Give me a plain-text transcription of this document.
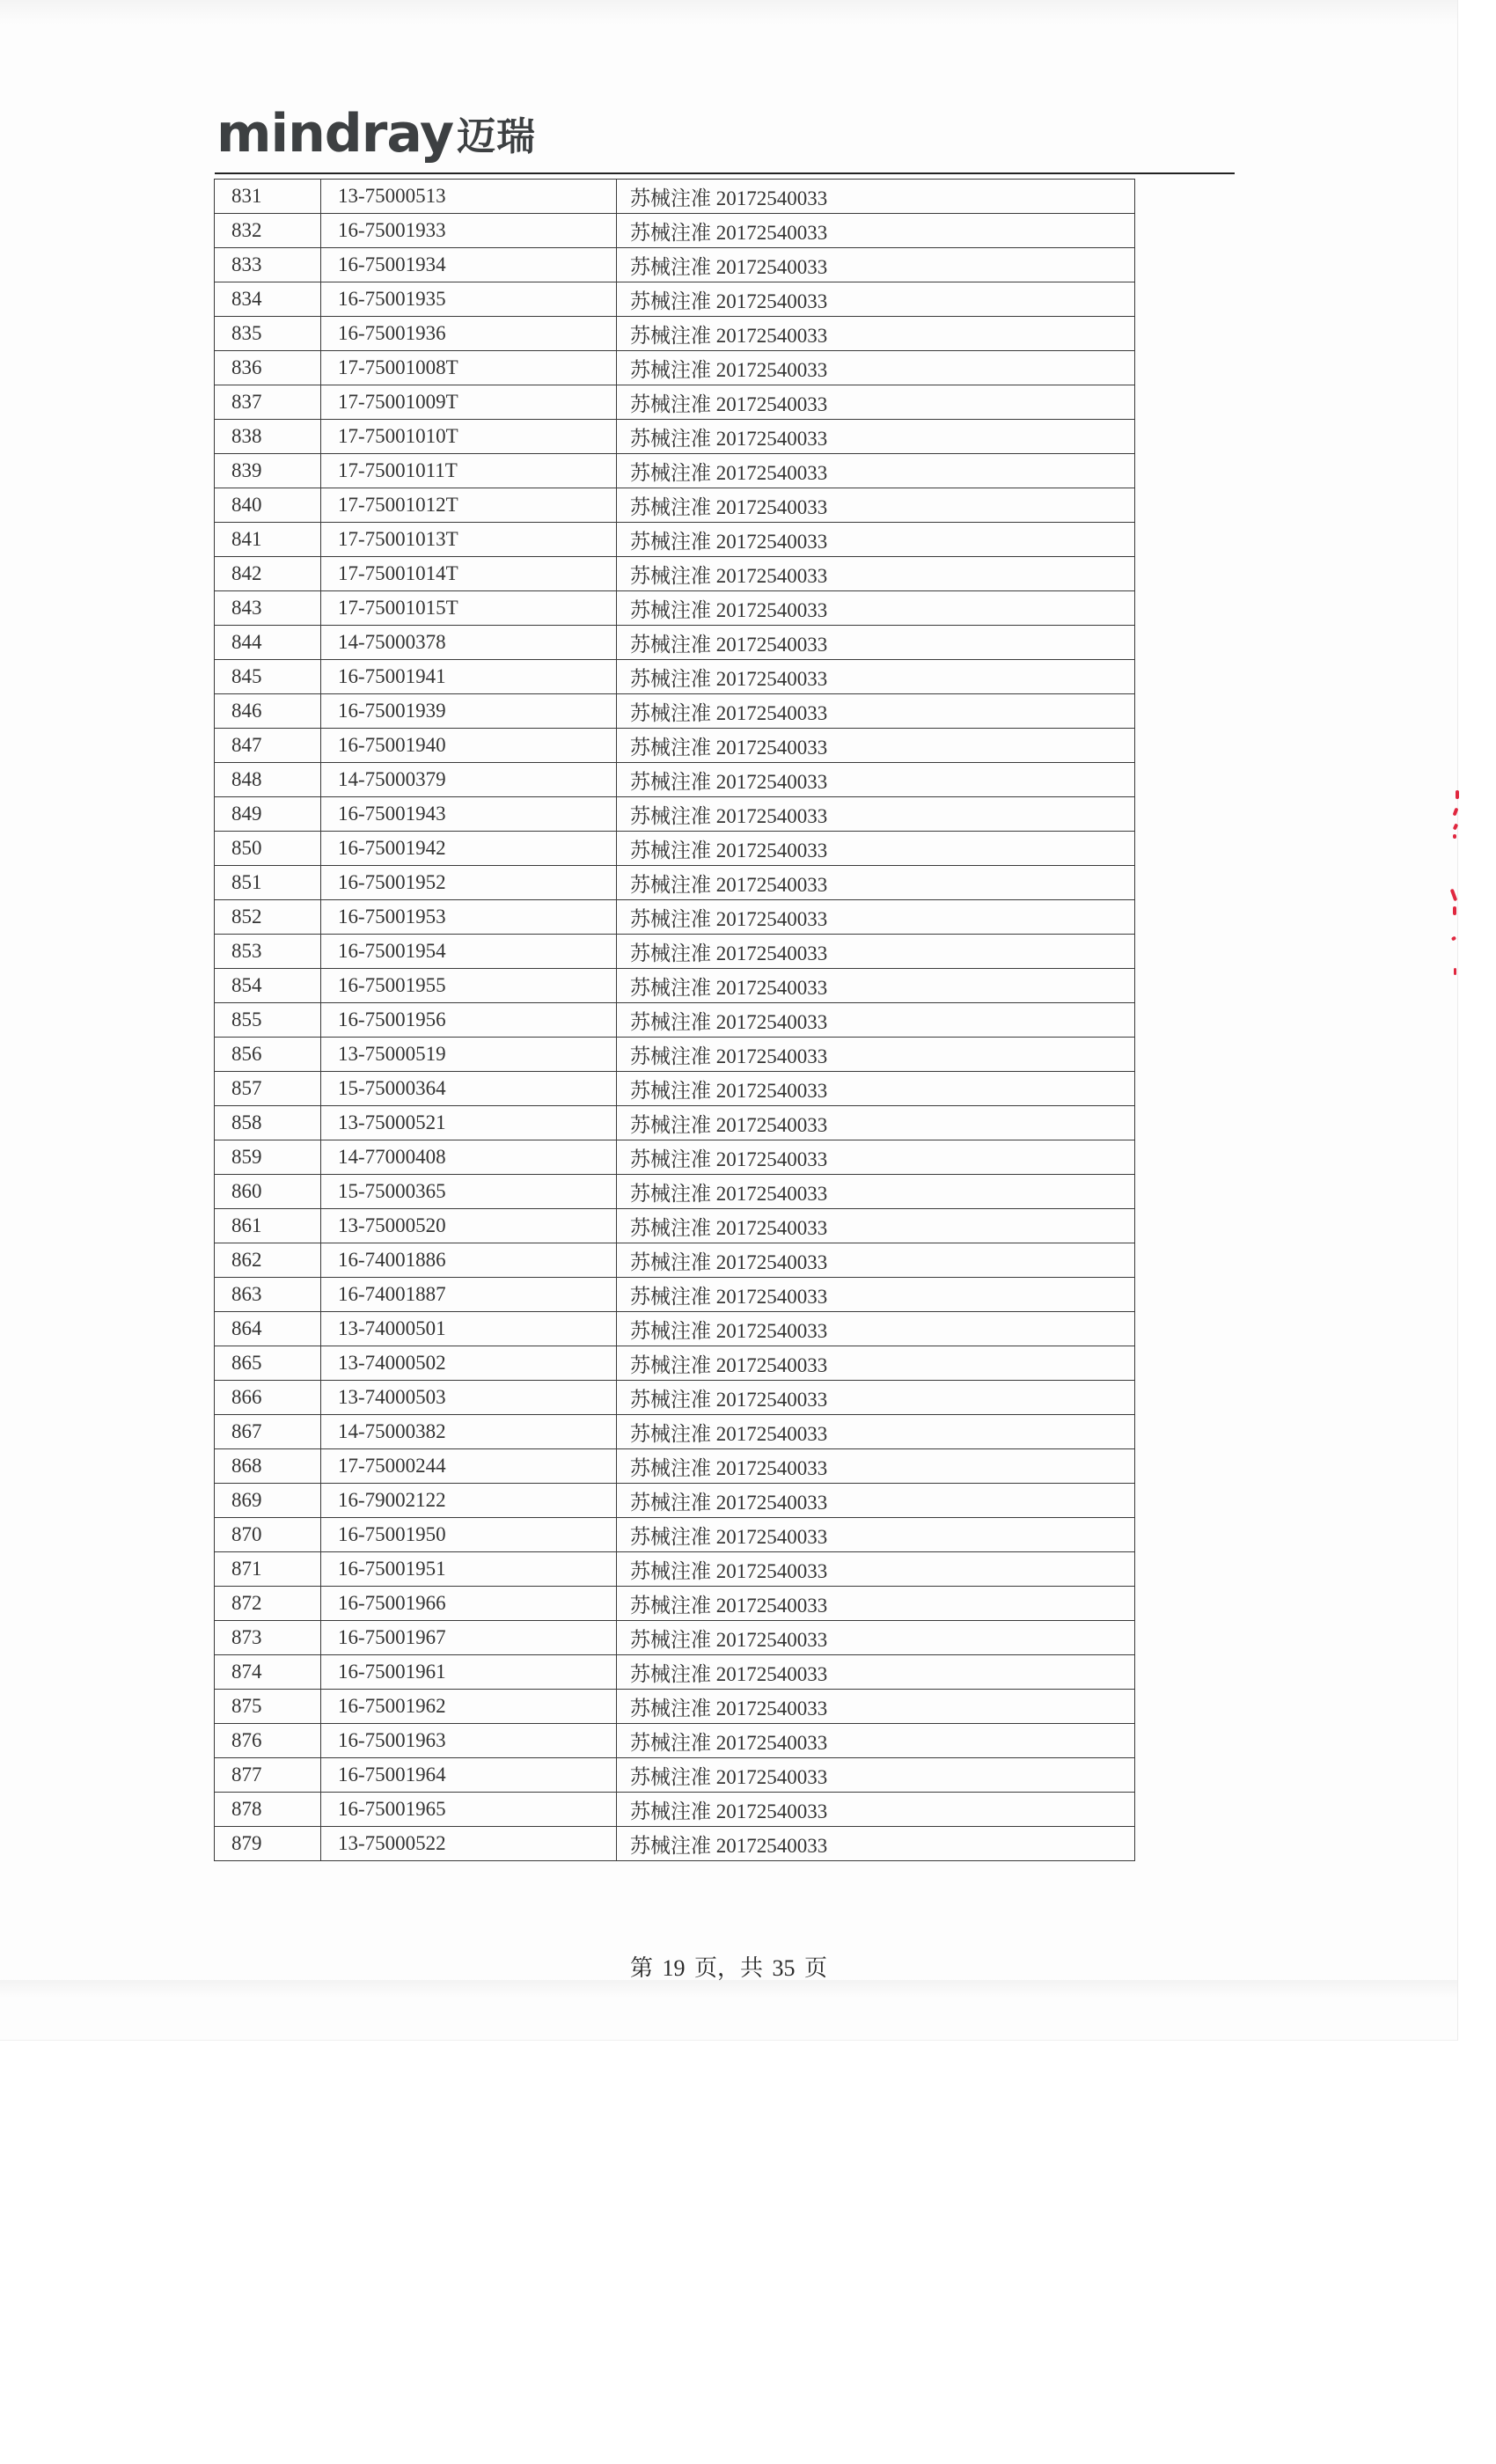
mindray 迈瑞
831	13-75000513	苏械注准 20172540033
832	16-75001933	苏械注准 20172540033
833	16-75001934	苏械注准 20172540033
834	16-75001935	苏械注准 20172540033
835	16-75001936	苏械注准 20172540033
836	17-75001008T	苏械注准 20172540033
837	17-75001009T	苏械注准 20172540033
838	17-75001010T	苏械注准 20172540033
839	17-75001011T	苏械注准 20172540033
840	17-75001012T	苏械注准 20172540033
841	17-75001013T	苏械注准 20172540033
842	17-75001014T	苏械注准 20172540033
843	17-75001015T	苏械注准 20172540033
844	14-75000378	苏械注准 20172540033
845	16-75001941	苏械注准 20172540033
846	16-75001939	苏械注准 20172540033
847	16-75001940	苏械注准 20172540033
848	14-75000379	苏械注准 20172540033
849	16-75001943	苏械注准 20172540033
850	16-75001942	苏械注准 20172540033
851	16-75001952	苏械注准 20172540033
852	16-75001953	苏械注准 20172540033
853	16-75001954	苏械注准 20172540033
854	16-75001955	苏械注准 20172540033
855	16-75001956	苏械注准 20172540033
856	13-75000519	苏械注准 20172540033
857	15-75000364	苏械注准 20172540033
858	13-75000521	苏械注准 20172540033
859	14-77000408	苏械注准 20172540033
860	15-75000365	苏械注准 20172540033
861	13-75000520	苏械注准 20172540033
862	16-74001886	苏械注准 20172540033
863	16-74001887	苏械注准 20172540033
864	13-74000501	苏械注准 20172540033
865	13-74000502	苏械注准 20172540033
866	13-74000503	苏械注准 20172540033
867	14-75000382	苏械注准 20172540033
868	17-75000244	苏械注准 20172540033
869	16-79002122	苏械注准 20172540033
870	16-75001950	苏械注准 20172540033
871	16-75001951	苏械注准 20172540033
872	16-75001966	苏械注准 20172540033
873	16-75001967	苏械注准 20172540033
874	16-75001961	苏械注准 20172540033
875	16-75001962	苏械注准 20172540033
876	16-75001963	苏械注准 20172540033
877	16-75001964	苏械注准 20172540033
878	16-75001965	苏械注准 20172540033
879	13-75000522	苏械注准 20172540033
第 19 页，共 35 页
